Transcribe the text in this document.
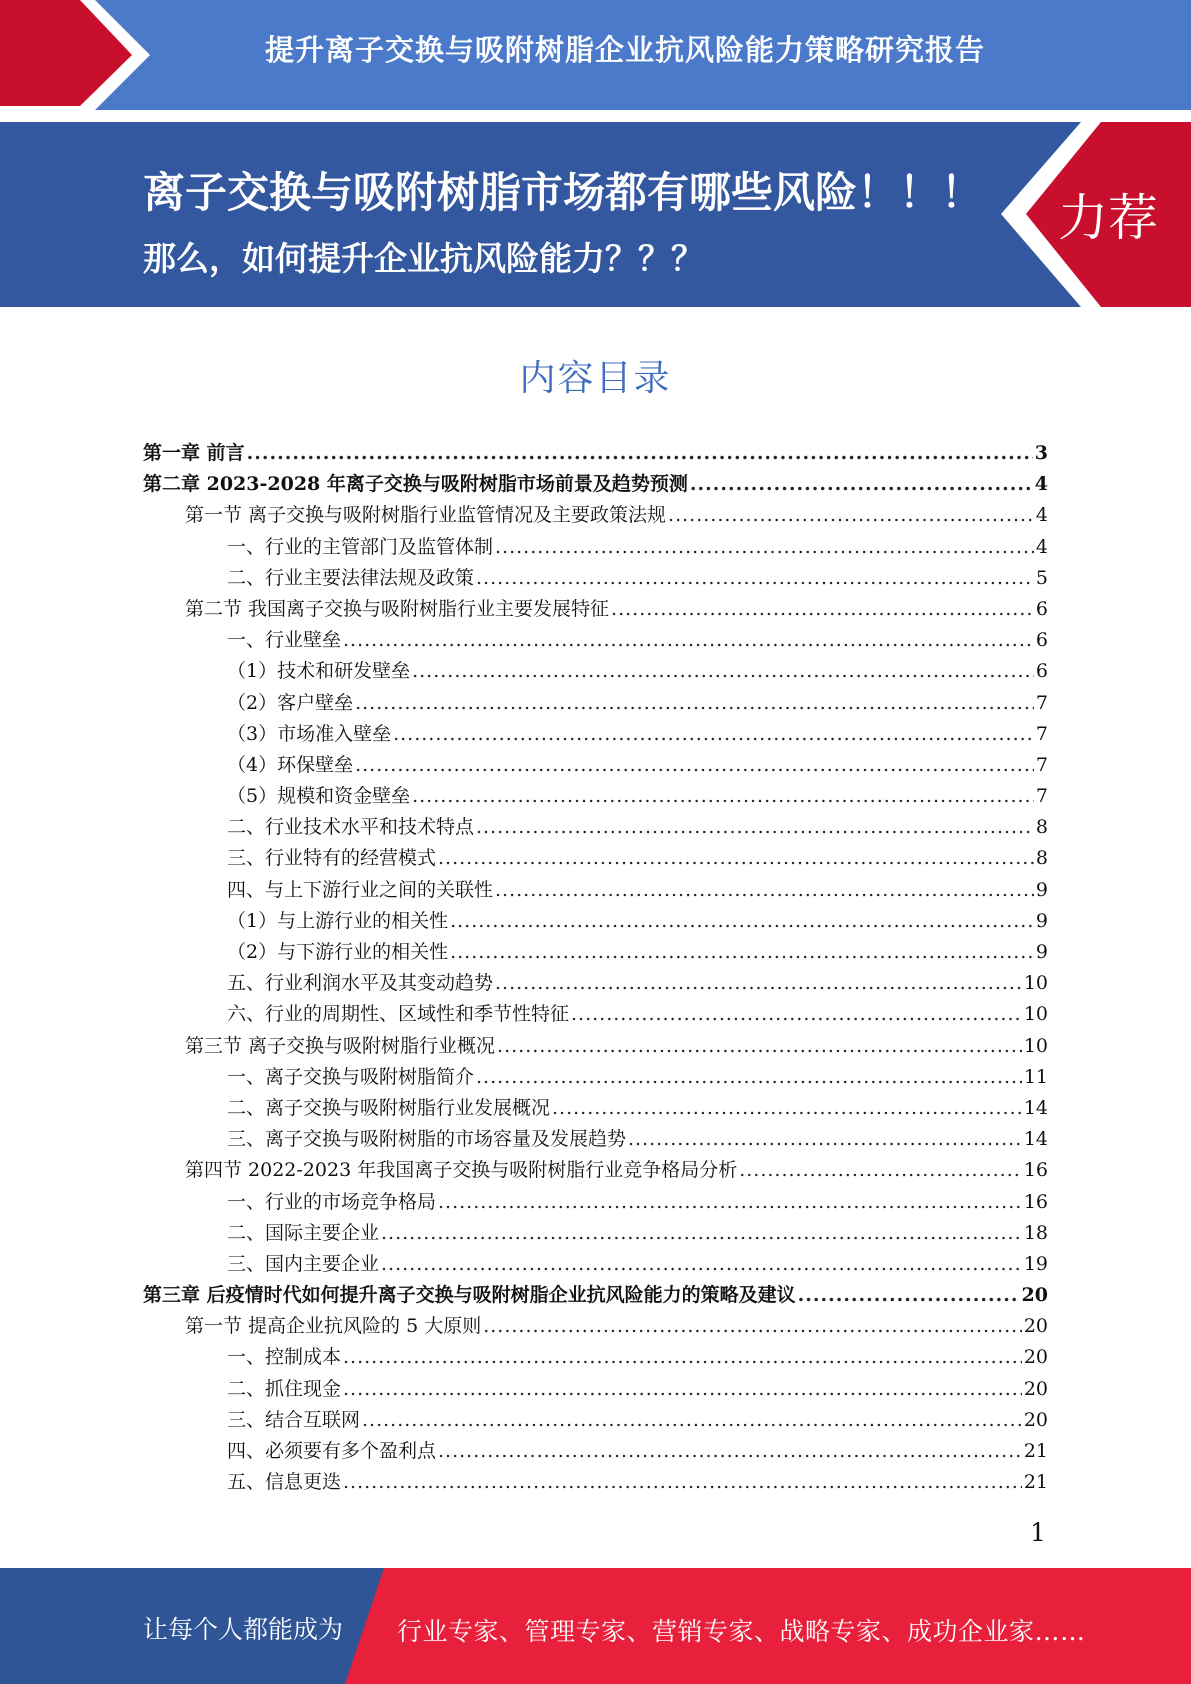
提升离子交换与吸附树脂企业抗风险能力策略研究报告
离子交换与吸附树脂市场都有哪些风险！！！
那么，如何提升企业抗风险能力？？？
力荐
内容目录
第一章 前言 .....	3
第二章 2023-2028 年离子交换与吸附树脂市场前景及趋势预测 .....	4
第一节 离子交换与吸附树脂行业监管情况及主要政策法规 .....	4
一、行业的主管部门及监管体制 .....	4
二、行业主要法律法规及政策 .....	5
第二节 我国离子交换与吸附树脂行业主要发展特征 .....	6
一、行业壁垒 .....	6
（1）技术和研发壁垒 .....	6
（2）客户壁垒 .....	7
（3）市场准入壁垒 .....	7
（4）环保壁垒 .....	7
（5）规模和资金壁垒 .....	7
二、行业技术水平和技术特点 .....	8
三、行业特有的经营模式 .....	8
四、与上下游行业之间的关联性 .....	9
（1）与上游行业的相关性 .....	9
（2）与下游行业的相关性 .....	9
五、行业利润水平及其变动趋势 .....	10
六、行业的周期性、区域性和季节性特征 .....	10
第三节 离子交换与吸附树脂行业概况 .....	10
一、离子交换与吸附树脂简介 .....	11
二、离子交换与吸附树脂行业发展概况 .....	14
三、离子交换与吸附树脂的市场容量及发展趋势 .....	14
第四节 2022-2023 年我国离子交换与吸附树脂行业竞争格局分析 .....	16
一、行业的市场竞争格局 .....	16
二、国际主要企业 .....	18
三、国内主要企业 .....	19
第三章 后疫情时代如何提升离子交换与吸附树脂企业抗风险能力的策略及建议 .....	20
第一节 提高企业抗风险的 5 大原则 .....	20
一、控制成本 .....	20
二、抓住现金 .....	20
三、结合互联网 .....	20
四、必须要有多个盈利点 .....	21
五、信息更迭 .....	21
1
让每个人都能成为 行业专家、管理专家、营销专家、战略专家、成功企业家……
